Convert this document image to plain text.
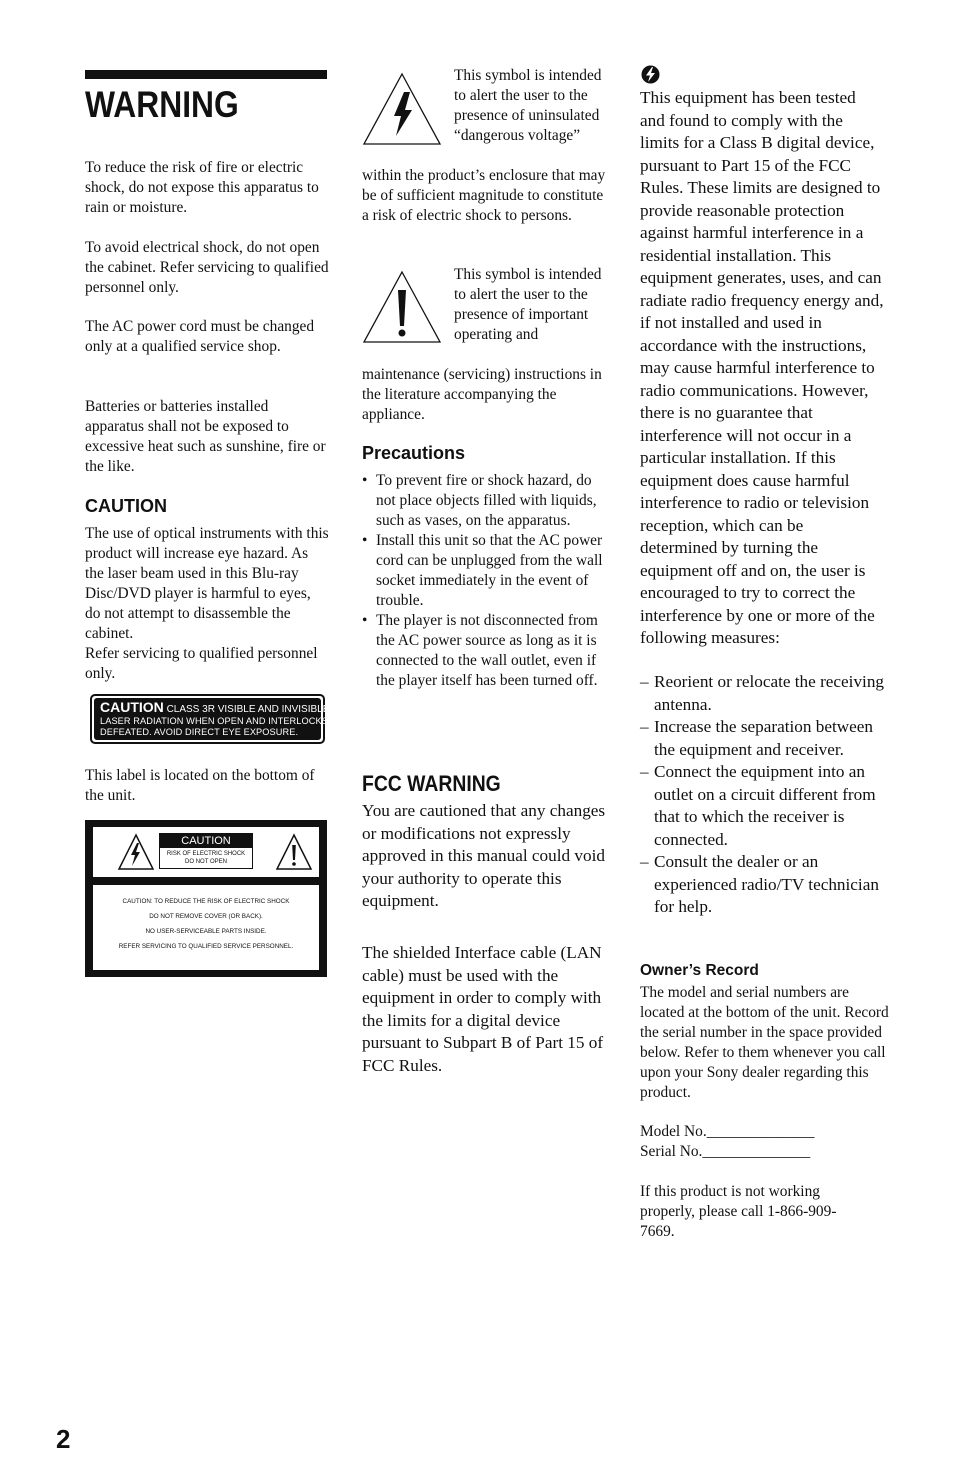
WARNING

To reduce the risk of fire or electric shock, do not expose this apparatus to rain or moisture.

To avoid electrical shock, do not open the cabinet. Refer servicing to qualified personnel only.

The AC power cord must be changed only at a qualified service shop.

Batteries or batteries installed apparatus shall not be exposed to excessive heat such as sunshine, fire or the like.

CAUTION

The use of optical instruments with this product will increase eye hazard. As the laser beam used in this Blu-ray Disc/DVD player is harmful to eyes, do not attempt to disassemble the cabinet.

Refer servicing to qualified personnel only.

CAUTION CLASS 3R VISIBLE AND INVISIBLE
LASER RADIATION WHEN OPEN AND INTERLOCKS
DEFEATED. AVOID DIRECT EYE EXPOSURE.

This label is located on the bottom of the unit.

CAUTION
RISK OF ELECTRIC SHOCK
DO NOT OPEN
CAUTION: TO REDUCE THE RISK OF ELECTRIC SHOCK
DO NOT REMOVE COVER (OR BACK).
NO USER-SERVICEABLE PARTS INSIDE.
REFER SERVICING TO QUALIFIED SERVICE PERSONNEL.

This symbol is intended to alert the user to the presence of uninsulated “dangerous voltage”

within the product’s enclosure that may be of sufficient magnitude to constitute a risk of electric shock to persons.

This symbol is intended to alert the user to the presence of important operating and

maintenance (servicing) instructions in the literature accompanying the appliance.

Precautions
• To prevent fire or shock hazard, do not place objects filled with liquids, such as vases, on the apparatus.
• Install this unit so that the AC power cord can be unplugged from the wall socket immediately in the event of trouble.
• The player is not disconnected from the AC power source as long as it is connected to the wall outlet, even if the player itself has been turned off.
FCC WARNING

You are cautioned that any changes or modifications not expressly approved in this manual could void your authority to operate this equipment.

The shielded Interface cable (LAN cable) must be used with the equipment in order to comply with the limits for a digital device pursuant to Subpart B of Part 15 of FCC Rules.

This equipment has been tested and found to comply with the limits for a Class B digital device, pursuant to Part 15 of the FCC Rules. These limits are designed to provide reasonable protection against harmful interference in a residential installation. This equipment generates, uses, and can radiate radio frequency energy and, if not installed and used in accordance with the instructions, may cause harmful interference to radio communications. However, there is no guarantee that interference will not occur in a particular installation. If this equipment does cause harmful interference to radio or television reception, which can be determined by turning the equipment off and on, the user is encouraged to try to correct the interference by one or more of the following measures:

– Reorient or relocate the receiving antenna.
– Increase the separation between the equipment and receiver.
– Connect the equipment into an outlet on a circuit different from that to which the receiver is connected.
– Consult the dealer or an experienced radio/TV technician for help.
Owner’s Record

The model and serial numbers are located at the bottom of the unit. Record the serial number in the space provided below. Refer to them whenever you call upon your Sony dealer regarding this product.

Model No.______________

Serial No.______________

If this product is not working properly, please call 1-866-909-7669.

2
